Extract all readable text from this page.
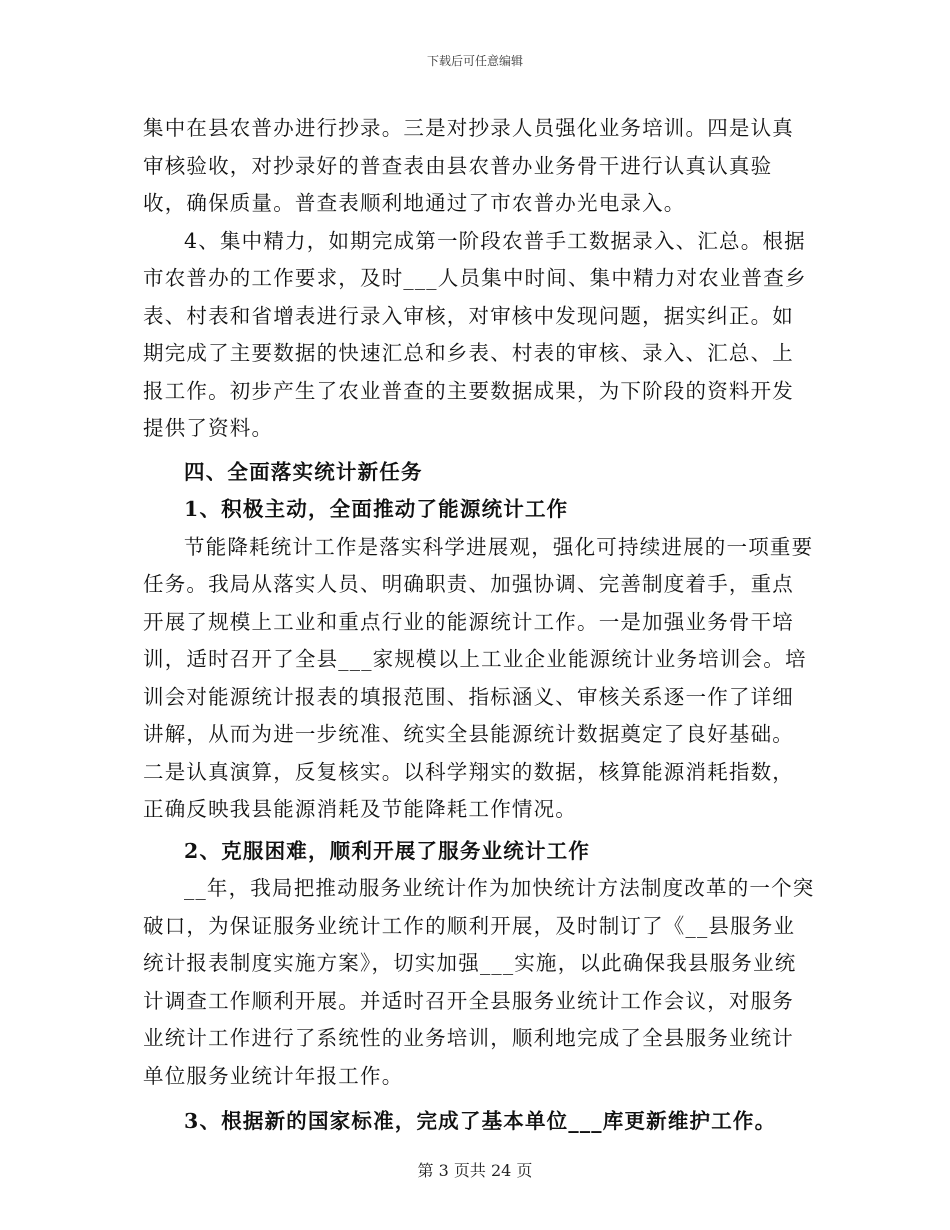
下载后可任意编辑

集中在县农普办进行抄录。三是对抄录人员强化业务培训。四是认真审核验收，对抄录好的普查表由县农普办业务骨干进行认真认真验收，确保质量。普查表顺利地通过了市农普办光电录入。

4、集中精力，如期完成第一阶段农普手工数据录入、汇总。根据市农普办的工作要求，及时___人员集中时间、集中精力对农业普查乡表、村表和省增表进行录入审核，对审核中发现问题，据实纠正。如期完成了主要数据的快速汇总和乡表、村表的审核、录入、汇总、上报工作。初步产生了农业普查的主要数据成果，为下阶段的资料开发提供了资料。

四、全面落实统计新任务

1、积极主动，全面推动了能源统计工作

节能降耗统计工作是落实科学进展观，强化可持续进展的一项重要任务。我局从落实人员、明确职责、加强协调、完善制度着手，重点开展了规模上工业和重点行业的能源统计工作。一是加强业务骨干培训，适时召开了全县___家规模以上工业企业能源统计业务培训会。培训会对能源统计报表的填报范围、指标涵义、审核关系逐一作了详细讲解，从而为进一步统准、统实全县能源统计数据奠定了良好基础。二是认真演算，反复核实。以科学翔实的数据，核算能源消耗指数，正确反映我县能源消耗及节能降耗工作情况。

2、克服困难，顺利开展了服务业统计工作

__年，我局把推动服务业统计作为加快统计方法制度改革的一个突破口，为保证服务业统计工作的顺利开展，及时制订了《__县服务业统计报表制度实施方案》，切实加强___实施，以此确保我县服务业统计调查工作顺利开展。并适时召开全县服务业统计工作会议，对服务业统计工作进行了系统性的业务培训，顺利地完成了全县服务业统计单位服务业统计年报工作。

3、根据新的国家标准，完成了基本单位___库更新维护工作。

第 3 页共 24 页
